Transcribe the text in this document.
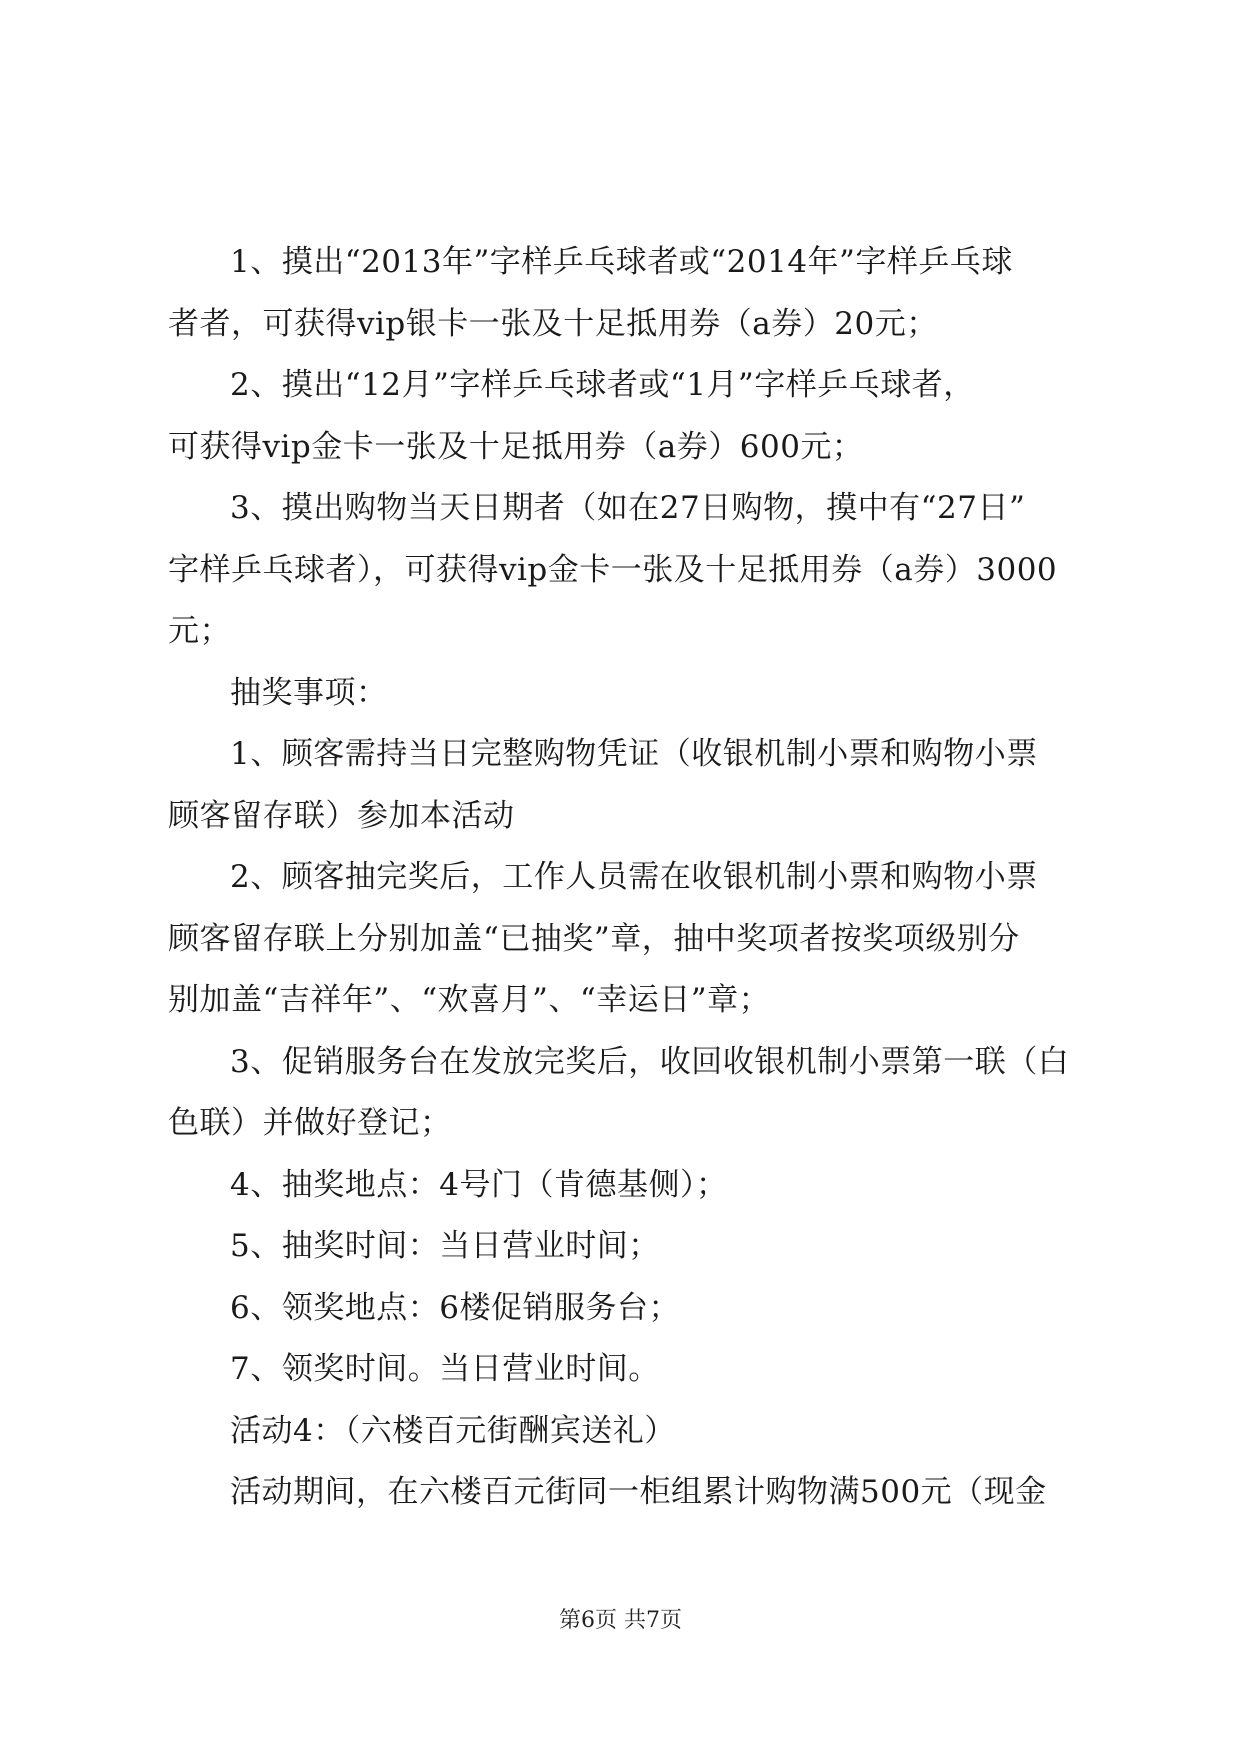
1、摸出“2013年”字样乒乓球者或“2014年”字样乒乓球
者者，可获得vip银卡一张及十足抵用券（a券）20元；
2、摸出“12月”字样乒乓球者或“1月”字样乒乓球者，
可获得vip金卡一张及十足抵用券（a券）600元；
3、摸出购物当天日期者（如在27日购物，摸中有“27日”
字样乒乓球者），可获得vip金卡一张及十足抵用券（a券）3000
元；
抽奖事项：
1、顾客需持当日完整购物凭证（收银机制小票和购物小票
顾客留存联）参加本活动
2、顾客抽完奖后，工作人员需在收银机制小票和购物小票
顾客留存联上分别加盖“已抽奖”章，抽中奖项者按奖项级别分
别加盖“吉祥年”、“欢喜月”、“幸运日”章；
3、促销服务台在发放完奖后，收回收银机制小票第一联（白
色联）并做好登记；
4、抽奖地点：4号门（肯德基侧）；
5、抽奖时间：当日营业时间；
6、领奖地点：6楼促销服务台；
7、领奖时间。当日营业时间。
活动4：（六楼百元街酬宾送礼）
活动期间，在六楼百元街同一柜组累计购物满500元（现金
第6页 共7页
